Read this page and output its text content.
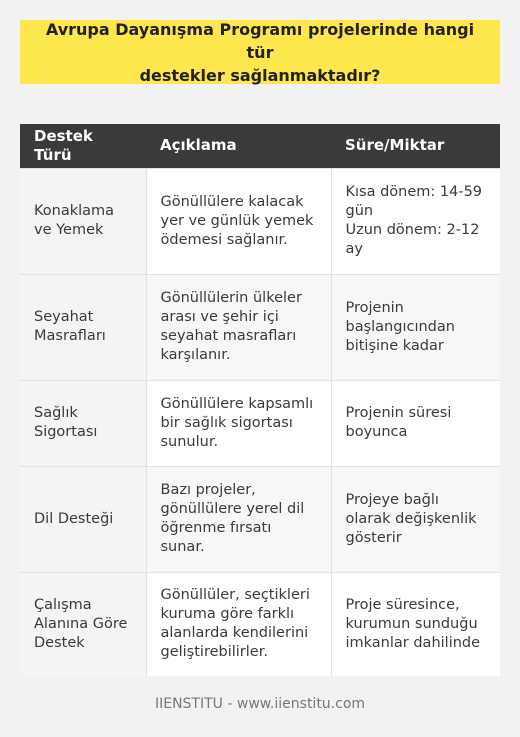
Avrupa Dayanışma Programı projelerinde hangi tür
destekler sağlanmaktadır?
Destek Türü	Açıklama	Süre/Miktar
Konaklama ve Yemek	Gönüllülere kalacak yer ve günlük yemek ödemesi sağlanır.	Kısa dönem: 14-59 gün
Uzun dönem: 2-12 ay

Seyahat Masrafları	Gönüllülerin ülkeler arası ve şehir içi seyahat masrafları karşılanır.	Projenin başlangıcından bitişine kadar
Sağlık Sigortası	Gönüllülere kapsamlı bir sağlık sigortası sunulur.	Projenin süresi boyunca
Dil Desteği	Bazı projeler, gönüllülere yerel dil öğrenme fırsatı sunar.	Projeye bağlı olarak değişkenlik gösterir
Çalışma Alanına Göre Destek	Gönüllüler, seçtikleri kuruma göre farklı alanlarda kendilerini geliştirebilirler.	Proje süresince, kurumun sunduğu imkanlar dahilinde
IIENSTITU - www.iienstitu.com
